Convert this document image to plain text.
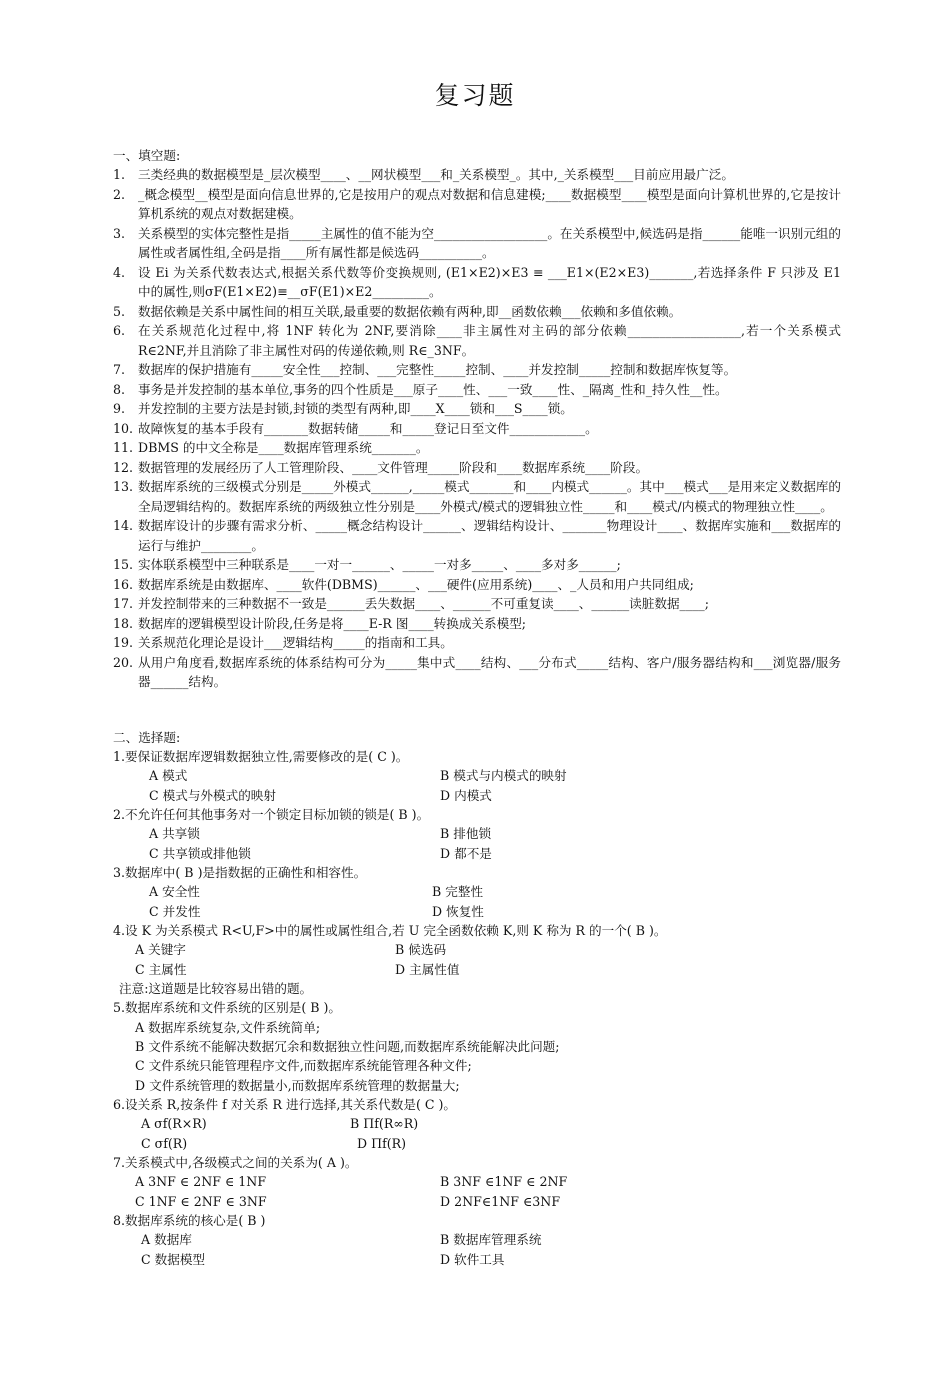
复习题
一、填空题:
1.	三类经典的数据模型是_层次模型____、__网状模型___和_关系模型_。其中,_关系模型___目前应用最广泛。
2.	_概念模型__模型是面向信息世界的,它是按用户的观点对数据和信息建模;____数据模型____模型是面向计算机世界的,它是按计算机系统的观点对数据建模。
3.	关系模型的实体完整性是指_____主属性的值不能为空__________________。在关系模型中,候选码是指______能唯一识别元组的属性或者属性组,全码是指____所有属性都是候选码__________。
4.	设 Ei 为关系代数表达式,根据关系代数等价变换规则, (E1×E2)×E3 ≡ ___E1×(E2×E3)_______,若选择条件 F 只涉及 E1 中的属性,则σF(E1×E2)≡__σF(E1)×E2_________。
5.	数据依赖是关系中属性间的相互关联,最重要的数据依赖有两种,即__函数依赖___依赖和多值依赖。
6.	在关系规范化过程中,将 1NF 转化为 2NF,要消除____非主属性对主码的部分依赖__________________,若一个关系模式 R∈2NF,并且消除了非主属性对码的传递依赖,则 R∈_3NF。
7.	数据库的保护措施有_____安全性___控制、___完整性_____控制、____并发控制_____控制和数据库恢复等。
8.	事务是并发控制的基本单位,事务的四个性质是___原子____性、___一致____性、_隔离_性和_持久性__性。
9.	并发控制的主要方法是封锁,封锁的类型有两种,即____X____锁和___S____锁。
10. 故障恢复的基本手段有_______数据转储_____和_____登记日至文件____________。
11. DBMS 的中文全称是____数据库管理系统_______。
12. 数据管理的发展经历了人工管理阶段、____文件管理_____阶段和____数据库系统____阶段。
13. 数据库系统的三级模式分别是_____外模式______,_____模式_______和____内模式______。其中___模式___是用来定义数据库的全局逻辑结构的。数据库系统的两级独立性分别是____外模式/模式的逻辑独立性_____和____模式/内模式的物理独立性____。
14. 数据库设计的步骤有需求分析、_____概念结构设计______、逻辑结构设计、_______物理设计____、数据库实施和___数据库的运行与维护________。
15. 实体联系模型中三种联系是____一对一______、_____一对多_____、____多对多______;
16. 数据库系统是由数据库、____软件(DBMS)______、___硬件(应用系统)____、_人员和用户共同组成;
17. 并发控制带来的三种数据不一致是______丢失数据____、______不可重复读____、______读脏数据____;
18. 数据库的逻辑模型设计阶段,任务是将____E-R 图____转换成关系模型;
19. 关系规范化理论是设计___逻辑结构_____的指南和工具。
20. 从用户角度看,数据库系统的体系结构可分为_____集中式____结构、___分布式_____结构、客户/服务器结构和___浏览器/服务器______结构。
二、选择题:
1.要保证数据库逻辑数据独立性,需要修改的是( C )。
A 模式	B 模式与内模式的映射
C 模式与外模式的映射	D 内模式
2.不允许任何其他事务对一个锁定目标加锁的锁是( B )。
A 共享锁	B 排他锁
C 共享锁或排他锁	D 都不是
3.数据库中( B )是指数据的正确性和相容性。
A 安全性	B 完整性
C 并发性	D 恢复性
4.设 K 为关系模式 R<U,F>中的属性或属性组合,若 U 完全函数依赖 K,则 K 称为 R 的一个( B )。
A 关键字	B 候选码
C 主属性	D 主属性值
注意:这道题是比较容易出错的题。
5.数据库系统和文件系统的区别是( B )。
A 数据库系统复杂,文件系统简单;
B 文件系统不能解决数据冗余和数据独立性问题,而数据库系统能解决此问题;
C 文件系统只能管理程序文件,而数据库系统能管理各种文件;
D 文件系统管理的数据量小,而数据库系统管理的数据量大;
6.设关系 R,按条件 f 对关系 R 进行选择,其关系代数是( C )。
A σf(R×R)	B Πf(R∞R)
C σf(R)	D Πf(R)
7.关系模式中,各级模式之间的关系为( A )。
A 3NF ∈ 2NF ∈ 1NF	B 3NF ∈1NF ∈ 2NF
C 1NF ∈ 2NF ∈ 3NF	D 2NF∈1NF ∈3NF
8.数据库系统的核心是( B )
A 数据库	B 数据库管理系统
C 数据模型	D 软件工具
